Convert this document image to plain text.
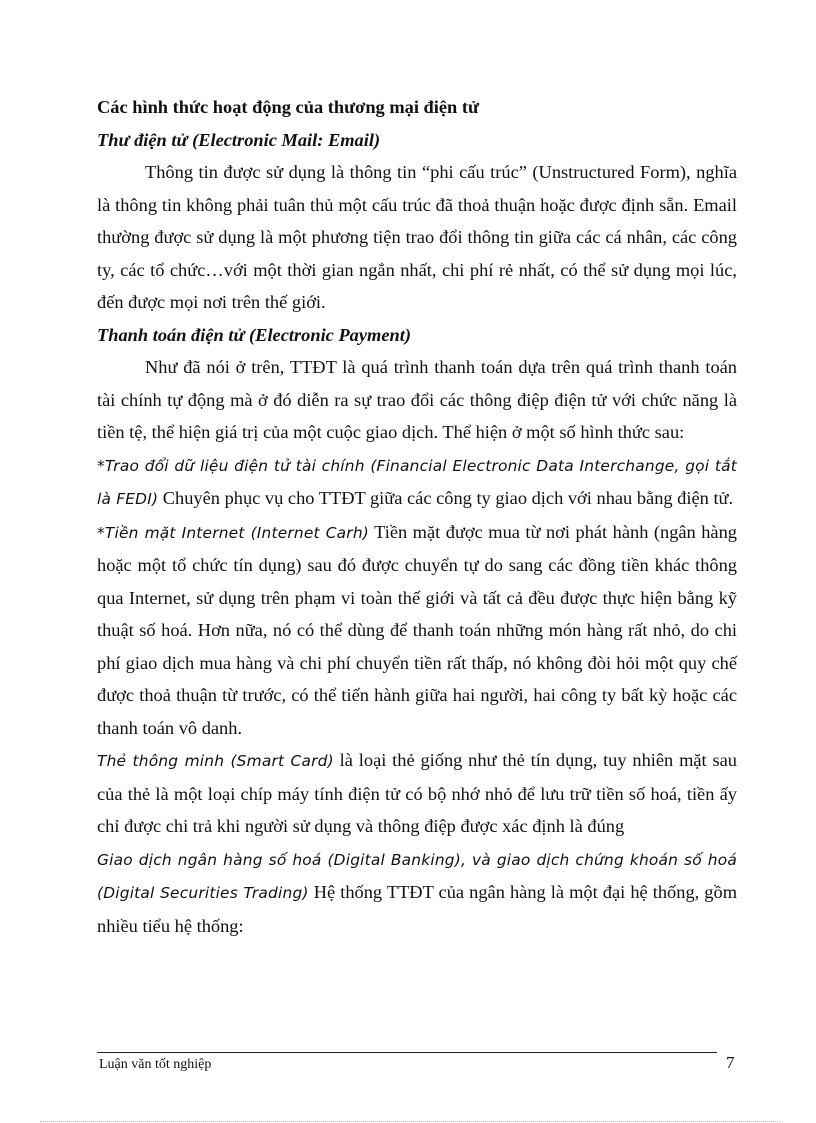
Các hình thức hoạt động của thương mại điện tử

Thư điện tử (Electronic Mail: Email)

Thông tin được sử dụng là thông tin “phi cấu trúc” (Unstructured Form), nghĩa là thông tin không phải tuân thủ một cấu trúc đã thoả thuận hoặc được định sẵn. Email thường được sử dụng là một phương tiện trao đổi thông tin giữa các cá nhân, các công ty, các tổ chức…với một thời gian ngắn nhất, chi phí rẻ nhất, có thể sử dụng mọi lúc, đến được mọi nơi trên thế giới.

Thanh toán điện tử (Electronic Payment)

Như đã nói ở trên, TTĐT là quá trình thanh toán dựa trên quá trình thanh toán tài chính tự động mà ở đó diễn ra sự trao đổi các thông điệp điện tử với chức năng là tiền tệ, thể hiện giá trị của một cuộc giao dịch. Thể hiện ở một số hình thức sau:

*Trao đổi dữ liệu điện tử tài chính (Financial Electronic Data Interchange, gọi tắt là FEDI) Chuyên phục vụ cho TTĐT giữa các công ty giao dịch với nhau bằng điện tử.

*Tiền mặt Internet (Internet Carh) Tiền mặt được mua từ nơi phát hành (ngân hàng hoặc một tổ chức tín dụng) sau đó được chuyển tự do sang các đồng tiền khác thông qua Internet, sử dụng trên phạm vi toàn thế giới và tất cả đều được thực hiện bằng kỹ thuật số hoá. Hơn nữa, nó có thể dùng để thanh toán những món hàng rất nhỏ, do chi phí giao dịch mua hàng và chi phí chuyển tiền rất thấp, nó không đòi hỏi một quy chế được thoả thuận từ trước, có thể tiến hành giữa hai người, hai công ty bất kỳ hoặc các thanh toán vô danh.

Thẻ thông minh (Smart Card) là loại thẻ giống như thẻ tín dụng, tuy nhiên mặt sau của thẻ là một loại chíp máy tính điện tử có bộ nhớ nhỏ để lưu trữ tiền số hoá, tiền ấy chỉ được chi trả khi người sử dụng và thông điệp được xác định là đúng

Giao dịch ngân hàng số hoá (Digital Banking), và giao dịch chứng khoán số hoá (Digital Securities Trading) Hệ thống TTĐT của ngân hàng là một đại hệ thống, gồm nhiều tiểu hệ thống:

Luận văn tốt nghiệp	7
